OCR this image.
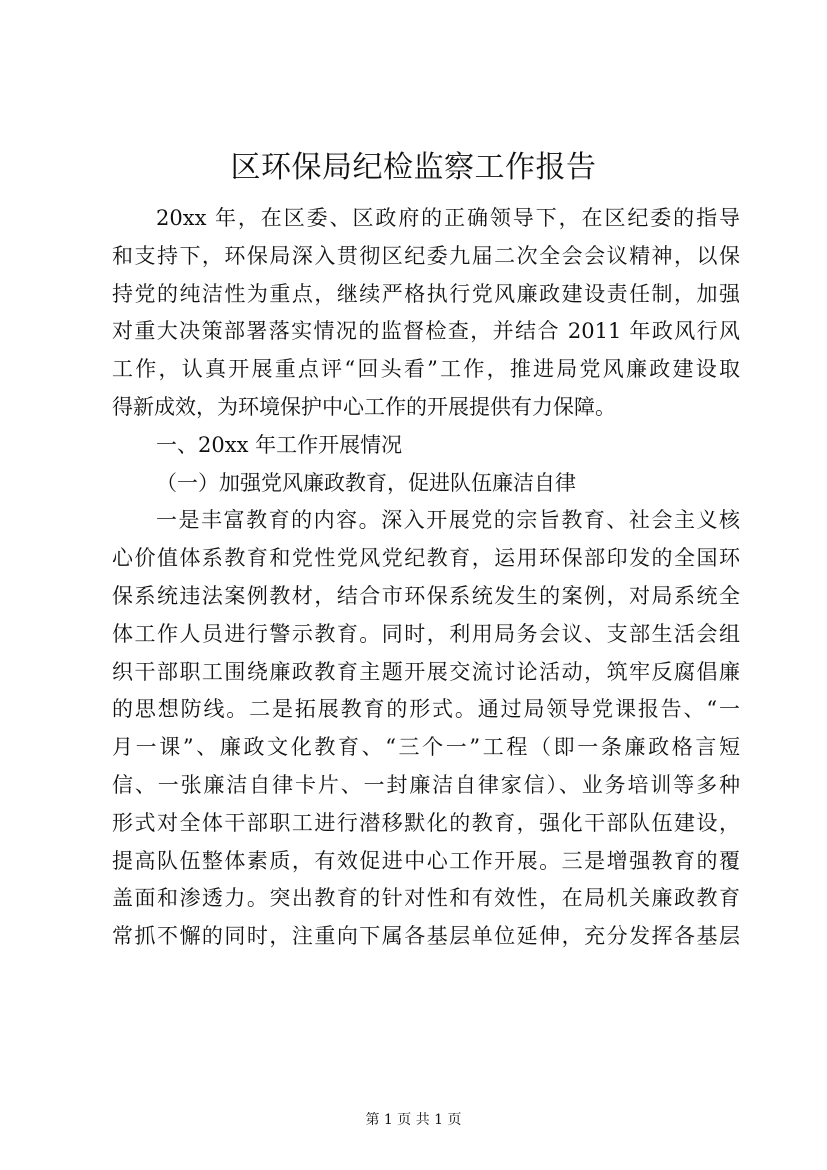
区环保局纪检监察工作报告
20xx 年，在区委、区政府的正确领导下，在区纪委的指导
和支持下，环保局深入贯彻区纪委九届二次全会会议精神，以保
持党的纯洁性为重点，继续严格执行党风廉政建设责任制，加强
对重大决策部署落实情况的监督检查，并结合 2011 年政风行风
工作，认真开展重点评“回头看”工作，推进局党风廉政建设取
得新成效，为环境保护中心工作的开展提供有力保障。
一、20xx 年工作开展情况
（一）加强党风廉政教育，促进队伍廉洁自律
一是丰富教育的内容。深入开展党的宗旨教育、社会主义核
心价值体系教育和党性党风党纪教育，运用环保部印发的全国环
保系统违法案例教材，结合市环保系统发生的案例，对局系统全
体工作人员进行警示教育。同时，利用局务会议、支部生活会组
织干部职工围绕廉政教育主题开展交流讨论活动，筑牢反腐倡廉
的思想防线。二是拓展教育的形式。通过局领导党课报告、“一
月一课”、廉政文化教育、“三个一”工程（即一条廉政格言短
信、一张廉洁自律卡片、一封廉洁自律家信）、业务培训等多种
形式对全体干部职工进行潜移默化的教育，强化干部队伍建设，
提高队伍整体素质，有效促进中心工作开展。三是增强教育的覆
盖面和渗透力。突出教育的针对性和有效性，在局机关廉政教育
常抓不懈的同时，注重向下属各基层单位延伸，充分发挥各基层
第 1 页 共 1 页
